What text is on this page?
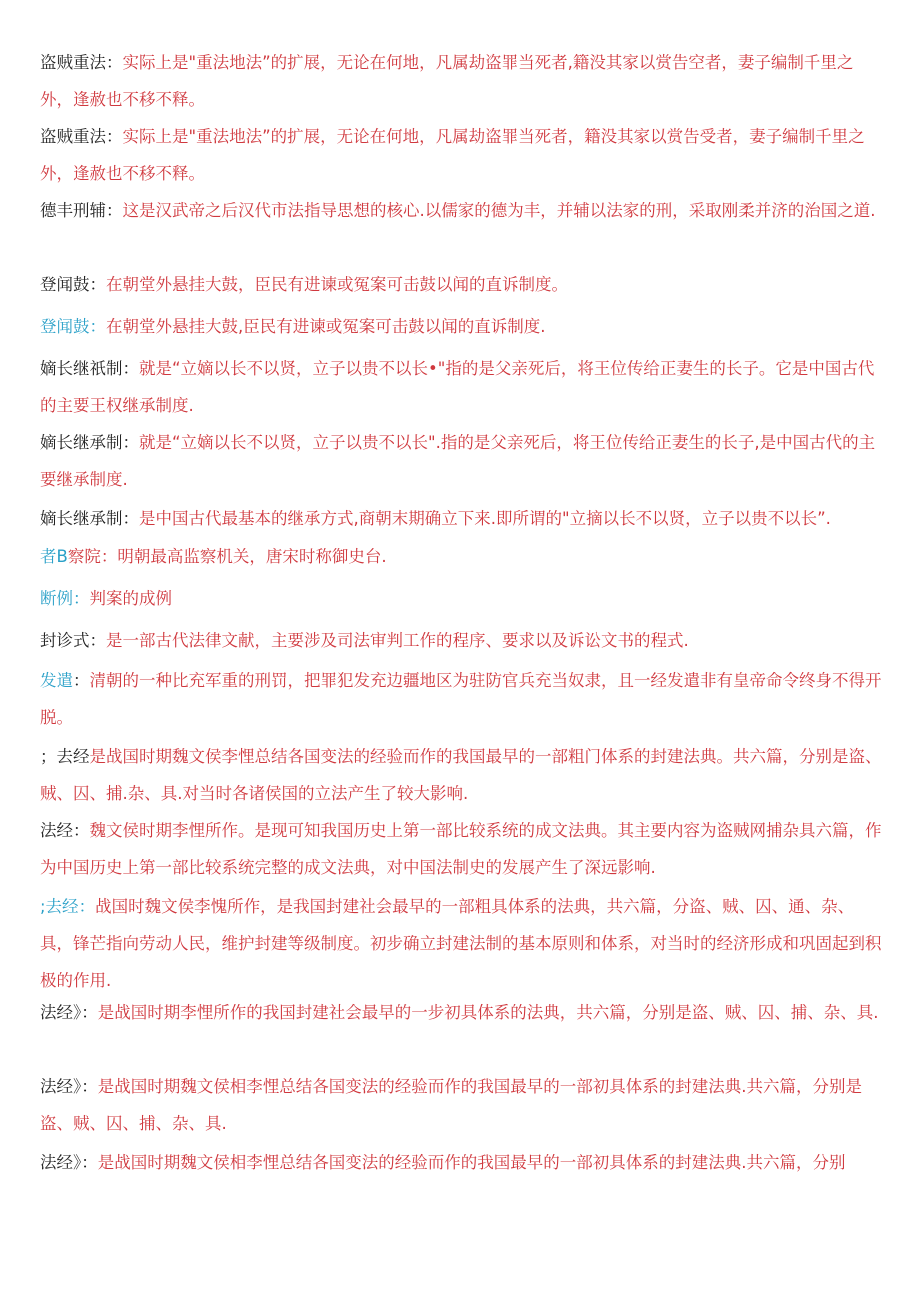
盗贼重法：实际上是"重法地法”的扩展，无论在何地，凡属劫盗罪当死者,籍没其家以赏告空者，妻子编制千里之外，逢赦也不移不释。
盗贼重法：实际上是"重法地法”的扩展，无论在何地，凡属劫盗罪当死者，籍没其家以赏告受者，妻子编制千里之外，逢赦也不移不释。
德丰刑辅：这是汉武帝之后汉代市法指导思想的核心.以儒家的德为丰，并辅以法家的刑，采取刚柔并济的治国之道.
登闻鼓：在朝堂外悬挂大鼓，臣民有进谏或冤案可击鼓以闻的直诉制度。
登闻鼓：在朝堂外悬挂大鼓,臣民有进谏或冤案可击鼓以闻的直诉制度.
嫡长继祇制：就是“立嫡以长不以贤，立子以贵不以长•"指的是父亲死后，将王位传给正妻生的长子。它是中国古代的主要王权继承制度.
嫡长继承制：就是“立嫡以长不以贤，立子以贵不以长".指的是父亲死后，将王位传给正妻生的长子,是中国古代的主要继承制度.
嫡长继承制：是中国古代最基本的继承方式,商朝末期确立下来.即所谓的"立摘以长不以贤，立子以贵不以长”.
者B察院：明朝最高监察机关，唐宋时称御史台.
断例：判案的成例
封诊式：是一部古代法律文献，主要涉及司法审判工作的程序、要求以及诉讼文书的程式.
发遣：清朝的一种比充军重的刑罚，把罪犯发充边疆地区为驻防官兵充当奴隶，且一经发遣非有皇帝命令终身不得开脱。
；去经是战国时期魏文侯李悝总结各国变法的经验而作的我国最早的一部粗门体系的封建法典。共六篇，分别是盗、贼、囚、捕.杂、具.对当时各诸侯国的立法产生了较大影响.
法经：魏文侯时期李悝所作。是现可知我国历史上第一部比较系统的成文法典。其主要内容为盗贼网捕杂具六篇，作为中国历史上第一部比较系统完整的成文法典，对中国法制史的发展产生了深远影响.
;去经：战国时魏文侯李愧所作，是我国封建社会最早的一部粗具体系的法典，共六篇，分盗、贼、囚、通、杂、具，锋芒指向劳动人民，维护封建等级制度。初步确立封建法制的基本原则和体系，对当时的经济形成和巩固起到积极的作用.
法经》：是战国时期李悝所作的我国封建社会最早的一步初具体系的法典，共六篇，分别是盗、贼、囚、捕、杂、具.
法经》：是战国时期魏文侯相李悝总结各国变法的经验而作的我国最早的一部初具体系的封建法典.共六篇，分别是盗、贼、囚、捕、杂、具.
法经》：是战国时期魏文侯相李悝总结各国变法的经验而作的我国最早的一部初具体系的封建法典.共六篇，分别
